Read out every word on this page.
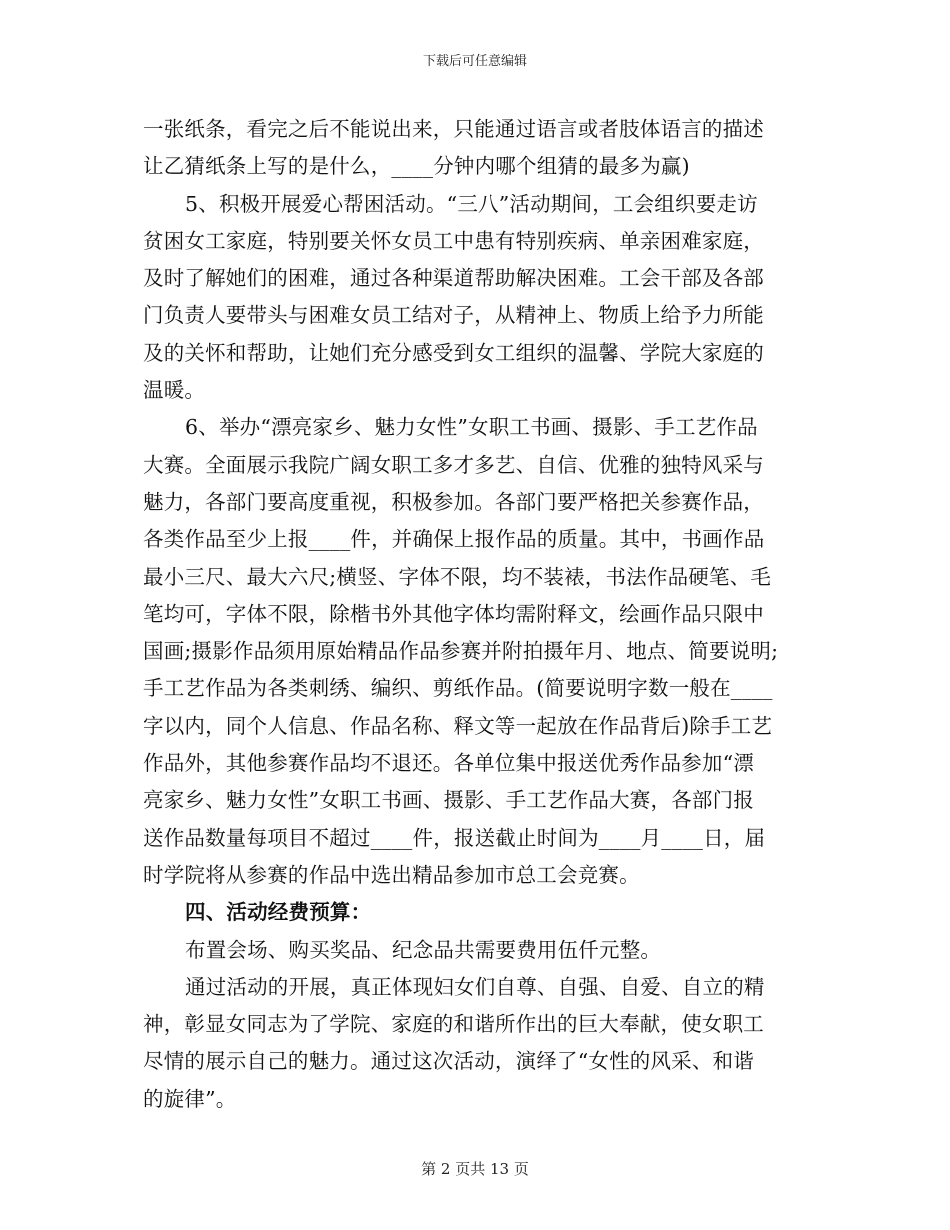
下载后可任意编辑
一张纸条，看完之后不能说出来，只能通过语言或者肢体语言的描述
让乙猜纸条上写的是什么，____分钟内哪个组猜的最多为赢)
5、积极开展爱心帮困活动。“三八”活动期间，工会组织要走访
贫困女工家庭，特别要关怀女员工中患有特别疾病、单亲困难家庭，
及时了解她们的困难，通过各种渠道帮助解决困难。工会干部及各部
门负责人要带头与困难女员工结对子，从精神上、物质上给予力所能
及的关怀和帮助，让她们充分感受到女工组织的温馨、学院大家庭的
温暖。
6、举办“漂亮家乡、魅力女性”女职工书画、摄影、手工艺作品
大赛。全面展示我院广阔女职工多才多艺、自信、优雅的独特风采与
魅力，各部门要高度重视，积极参加。各部门要严格把关参赛作品，
各类作品至少上报____件，并确保上报作品的质量。其中，书画作品
最小三尺、最大六尺;横竖、字体不限，均不装裱，书法作品硬笔、毛
笔均可，字体不限，除楷书外其他字体均需附释文，绘画作品只限中
国画;摄影作品须用原始精品作品参赛并附拍摄年月、地点、简要说明;
手工艺作品为各类刺绣、编织、剪纸作品。(简要说明字数一般在____
字以内，同个人信息、作品名称、释文等一起放在作品背后)除手工艺
作品外，其他参赛作品均不退还。各单位集中报送优秀作品参加“漂
亮家乡、魅力女性”女职工书画、摄影、手工艺作品大赛，各部门报
送作品数量每项目不超过____件，报送截止时间为____月____日，届
时学院将从参赛的作品中选出精品参加市总工会竞赛。
四、活动经费预算：
布置会场、购买奖品、纪念品共需要费用伍仟元整。
通过活动的开展，真正体现妇女们自尊、自强、自爱、自立的精
神，彰显女同志为了学院、家庭的和谐所作出的巨大奉献，使女职工
尽情的展示自己的魅力。通过这次活动，演绎了“女性的风采、和谐
的旋律”。
第 2 页共 13 页
